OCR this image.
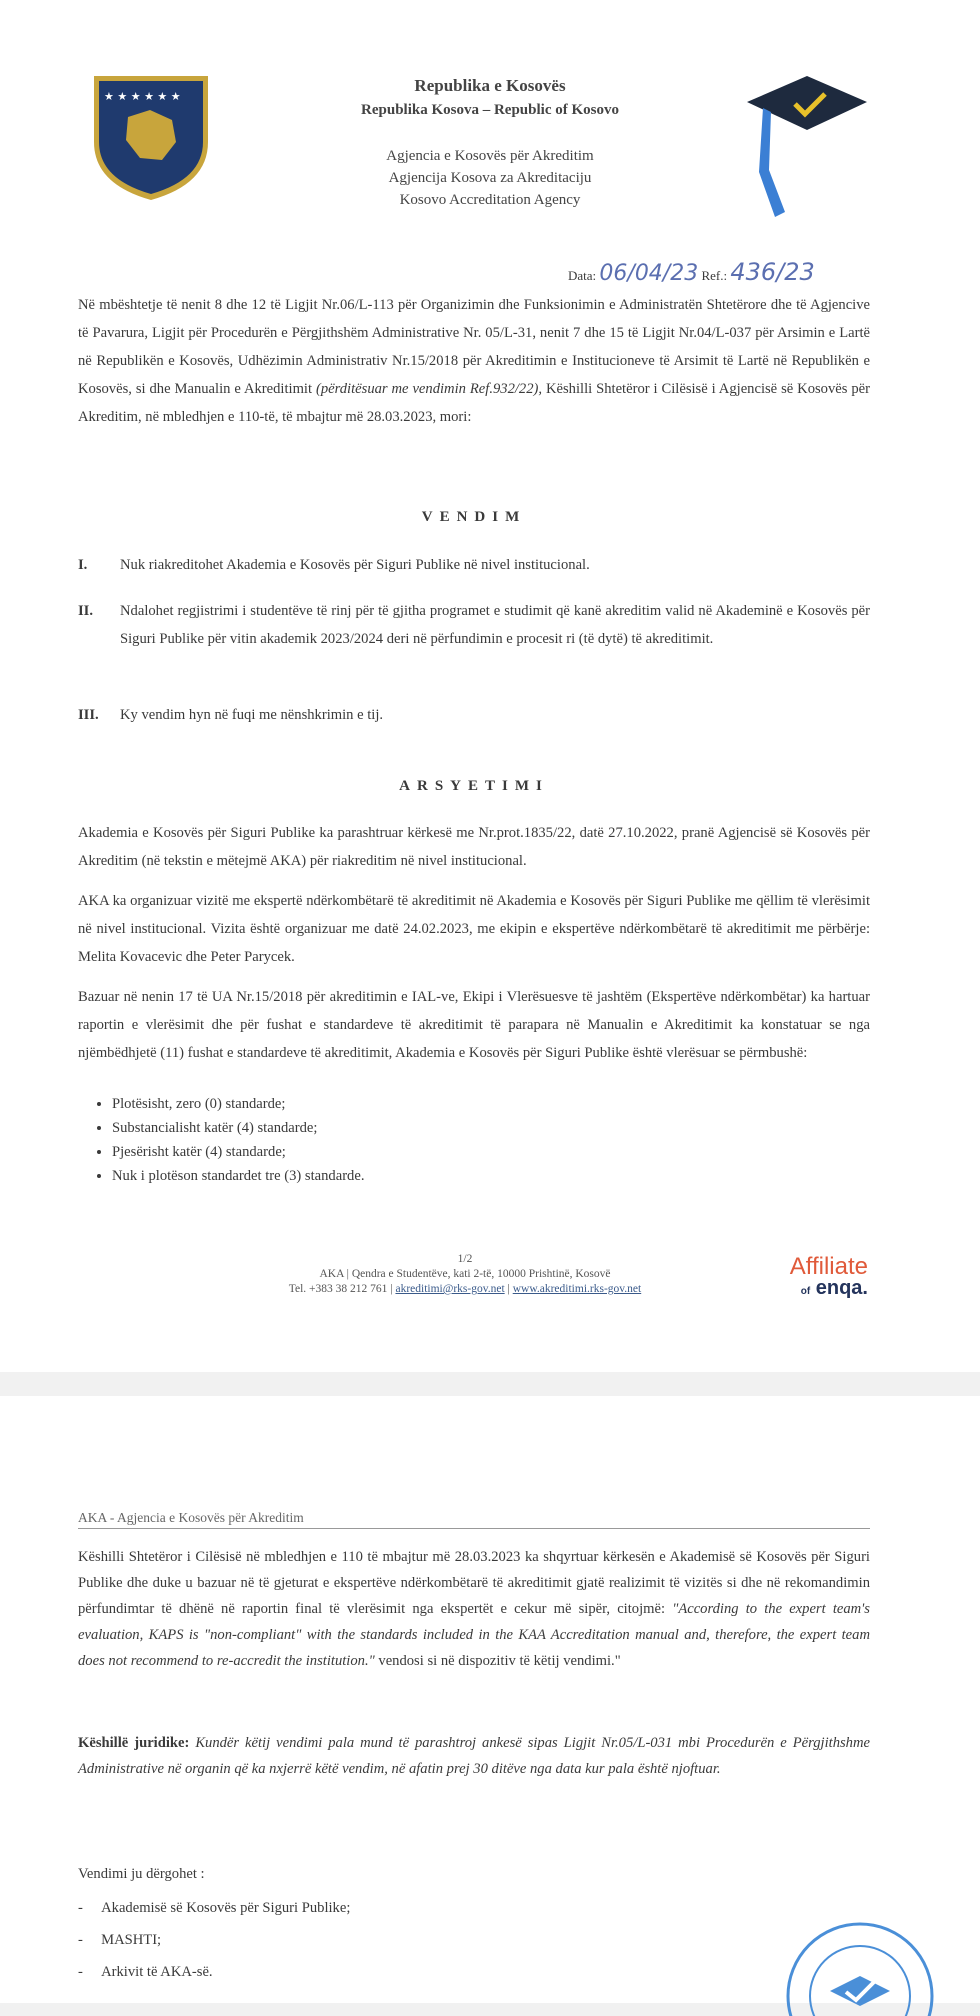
★ ★ ★ ★ ★ ★
Republika e Kosovës
Republika Kosova – Republic of Kosovo
Agjencia e Kosovës për Akreditim
Agjencija Kosova za Akreditaciju
Kosovo Accreditation Agency
Data: 06/04/23 Ref.: 436/23

Në mbështetje të nenit 8 dhe 12 të Ligjit Nr.06/L-113 për Organizimin dhe Funksionimin e Administratën Shtetërore dhe të Agjencive të Pavarura, Ligjit për Procedurën e Përgjithshëm Administrative Nr. 05/L-31, nenit 7 dhe 15 të Ligjit Nr.04/L-037 për Arsimin e Lartë në Republikën e Kosovës, Udhëzimin Administrativ Nr.15/2018 për Akreditimin e Institucioneve të Arsimit të Lartë në Republikën e Kosovës, si dhe Manualin e Akreditimit (përditësuar me vendimin Ref.932/22), Këshilli Shtetëror i Cilësisë i Agjencisë së Kosovës për Akreditim, në mbledhjen e 110-të, të mbajtur më 28.03.2023, mori:

VENDIM
I. Nuk riakreditohet Akademia e Kosovës për Siguri Publike në nivel institucional.
II. Ndalohet regjistrimi i studentëve të rinj për të gjitha programet e studimit që kanë akreditim valid në Akademinë e Kosovës për Siguri Publike për vitin akademik 2023/2024 deri në përfundimin e procesit ri (të dytë) të akreditimit.
III. Ky vendim hyn në fuqi me nënshkrimin e tij.
ARSYETIMI

Akademia e Kosovës për Siguri Publike ka parashtruar kërkesë me Nr.prot.1835/22, datë 27.10.2022, pranë Agjencisë së Kosovës për Akreditim (në tekstin e mëtejmë AKA) për riakreditim në nivel institucional.

AKA ka organizuar vizitë me ekspertë ndërkombëtarë të akreditimit në Akademia e Kosovës për Siguri Publike me qëllim të vlerësimit në nivel institucional. Vizita është organizuar me datë 24.02.2023, me ekipin e ekspertëve ndërkombëtarë të akreditimit me përbërje: Melita Kovacevic dhe Peter Parycek.

Bazuar në nenin 17 të UA Nr.15/2018 për akreditimin e IAL-ve, Ekipi i Vlerësuesve të jashtëm (Ekspertëve ndërkombëtar) ka hartuar raportin e vlerësimit dhe për fushat e standardeve të akreditimit të parapara në Manualin e Akreditimit ka konstatuar se nga njëmbëdhjetë (11) fushat e standardeve të akreditimit, Akademia e Kosovës për Siguri Publike është vlerësuar se përmbushë:

• Plotësisht, zero (0) standarde;
• Substancialisht katër (4) standarde;
• Pjesërisht katër (4) standarde;
• Nuk i plotëson standardet tre (3) standarde.
1/2
AKA | Qendra e Studentëve, kati 2-të, 10000 Prishtinë, Kosovë
Tel. +383 38 212 761 | akreditimi@rks-gov.net | www.akreditimi.rks-gov.net
Affiliate
of enqa.
AKA - Agjencia e Kosovës për Akreditim

Këshilli Shtetëror i Cilësisë në mbledhjen e 110 të mbajtur më 28.03.2023 ka shqyrtuar kërkesën e Akademisë së Kosovës për Siguri Publike dhe duke u bazuar në të gjeturat e ekspertëve ndërkombëtarë të akreditimit gjatë realizimit të vizitës si dhe në rekomandimin përfundimtar të dhënë në raportin final të vlerësimit nga ekspertët e cekur më sipër, citojmë: "According to the expert team's evaluation, KAPS is "non-compliant" with the standards included in the KAA Accreditation manual and, therefore, the expert team does not recommend to re-accredit the institution." vendosi si në dispozitiv të këtij vendimi."

Këshillë juridike: Kundër këtij vendimi pala mund të parashtroj ankesë sipas Ligjit Nr.05/L-031 mbi Procedurën e Përgjithshme Administrative në organin që ka nxjerrë këtë vendim, në afatin prej 30 ditëve nga data kur pala është njoftuar.

Vendimi ju dërgohet :
-     Akademisë së Kosovës për Siguri Publike;
-     MASHTI;
-     Arkivit të AKA-së.
